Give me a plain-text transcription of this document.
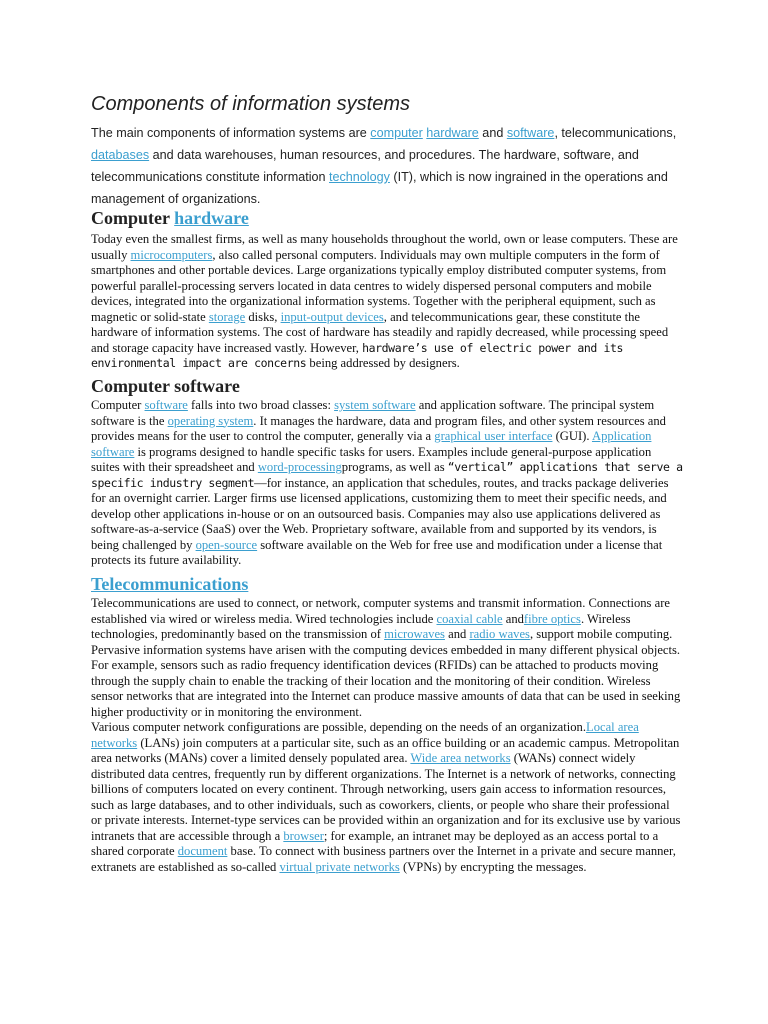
Components of information systems

The main components of information systems are computer hardware and software, telecommunications, databases and data warehouses, human resources, and procedures. The hardware, software, and telecommunications constitute information technology (IT), which is now ingrained in the operations and management of organizations.

Computer hardware

Today even the smallest firms, as well as many households throughout the world, own or lease computers. These are usually microcomputers, also called personal computers. Individuals may own multiple computers in the form of smartphones and other portable devices. Large organizations typically employ distributed computer systems, from powerful parallel-processing servers located in data centres to widely dispersed personal computers and mobile devices, integrated into the organizational information systems. Together with the peripheral equipment, such as magnetic or solid-state storage disks, input-output devices, and telecommunications gear, these constitute the hardware of information systems. The cost of hardware has steadily and rapidly decreased, while processing speed and storage capacity have increased vastly. However, hardware’s use of electric power and its environmental impact are concerns being addressed by designers.

Computer software

Computer software falls into two broad classes: system software and application software. The principal system software is the operating system. It manages the hardware, data and program files, and other system resources and provides means for the user to control the computer, generally via a graphical user interface (GUI). Application software is programs designed to handle specific tasks for users. Examples include general-purpose application suites with their spreadsheet and word-processingprograms, as well as “vertical” applications that serve a specific industry segment—for instance, an application that schedules, routes, and tracks package deliveries for an overnight carrier. Larger firms use licensed applications, customizing them to meet their specific needs, and develop other applications in-house or on an outsourced basis. Companies may also use applications delivered as software-as-a-service (SaaS) over the Web. Proprietary software, available from and supported by its vendors, is being challenged by open-source software available on the Web for free use and modification under a license that protects its future availability.

Telecommunications

Telecommunications are used to connect, or network, computer systems and transmit information. Connections are established via wired or wireless media. Wired technologies include coaxial cable andfibre optics. Wireless technologies, predominantly based on the transmission of microwaves and radio waves, support mobile computing. Pervasive information systems have arisen with the computing devices embedded in many different physical objects. For example, sensors such as radio frequency identification devices (RFIDs) can be attached to products moving through the supply chain to enable the tracking of their location and the monitoring of their condition. Wireless sensor networks that are integrated into the Internet can produce massive amounts of data that can be used in seeking higher productivity or in monitoring the environment.

Various computer network configurations are possible, depending on the needs of an organization.Local area networks (LANs) join computers at a particular site, such as an office building or an academic campus. Metropolitan area networks (MANs) cover a limited densely populated area. Wide area networks (WANs) connect widely distributed data centres, frequently run by different organizations. The Internet is a network of networks, connecting billions of computers located on every continent. Through networking, users gain access to information resources, such as large databases, and to other individuals, such as coworkers, clients, or people who share their professional or private interests. Internet-type services can be provided within an organization and for its exclusive use by various intranets that are accessible through a browser; for example, an intranet may be deployed as an access portal to a shared corporate document base. To connect with business partners over the Internet in a private and secure manner, extranets are established as so-called virtual private networks (VPNs) by encrypting the messages.
